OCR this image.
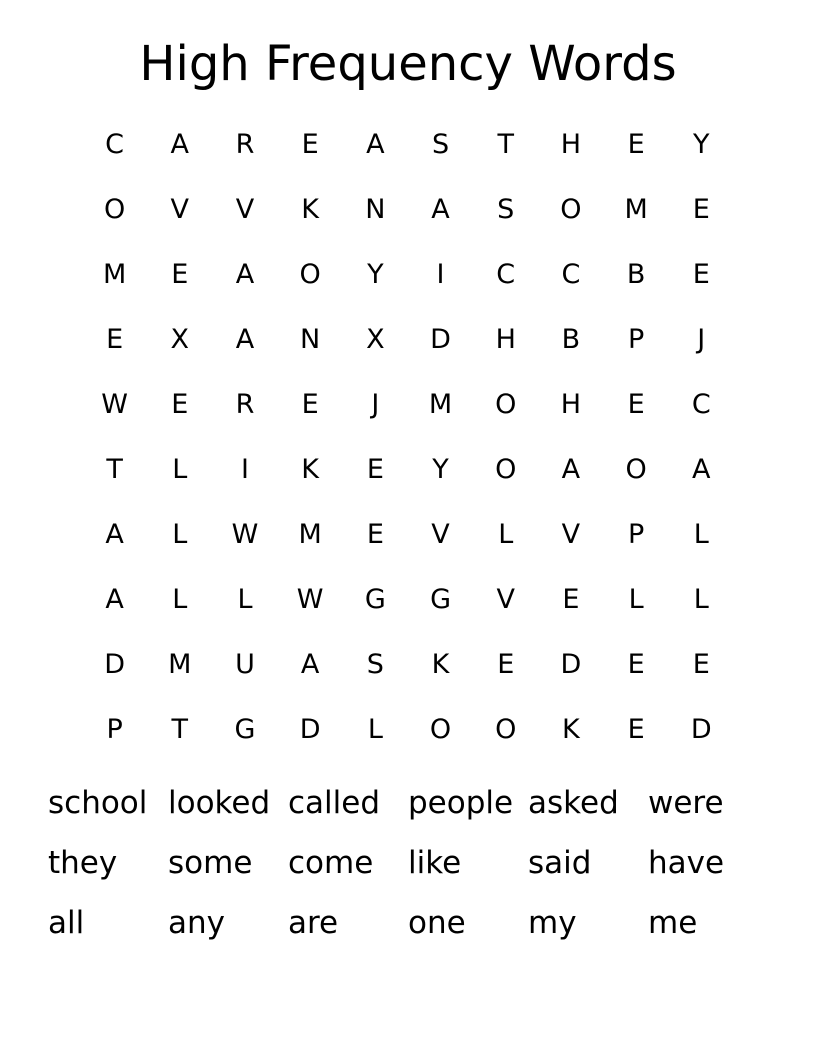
High Frequency Words
C	A	R	E	A	S	T	H	E	Y
O	V	V	K	N	A	S	O	M	E
M	E	A	O	Y	I	C	C	B	E
E	X	A	N	X	D	H	B	P	J
W	E	R	E	J	M	O	H	E	C
T	L	I	K	E	Y	O	A	O	A
A	L	W	M	E	V	L	V	P	L
A	L	L	W	G	G	V	E	L	L
D	M	U	A	S	K	E	D	E	E
P	T	G	D	L	O	O	K	E	D
school looked called people asked were
they	some	come	like	said	have
all	any	are	one	my	me
